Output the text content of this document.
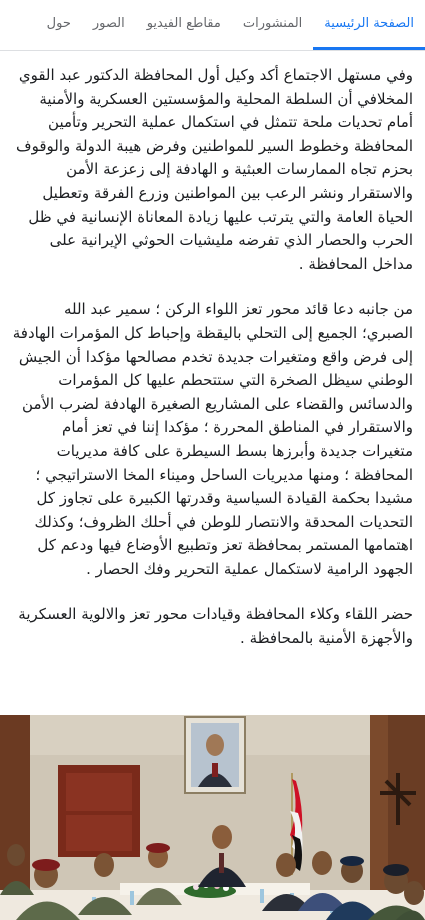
الصفحة الرئيسية
المنشورات
مقاطع الفيديو
الصور
حول

وفي مستهل الاجتماع أكد وكيل أول المحافظة الدكتور عبد القوي المخلافي أن السلطة المحلية والمؤسستين العسكرية والأمنية أمام تحديات ملحة تتمثل في استكمال عملية التحرير وتأمين المحافظة وخطوط السير للمواطنين وفرض هيبة الدولة والوقوف بحزم تجاه الممارسات العبثية و الهادفة إلى زعزعة الأمن والاستقرار ونشر الرعب بين المواطنين وزرع الفرقة وتعطيل الحياة العامة والتي يترتب عليها زيادة المعاناة الإنسانية في ظل الحرب والحصار الذي تفرضه مليشيات الحوثي الإيرانية على مداخل المحافظة .

من جانبه دعا قائد محور تعز اللواء الركن ؛ سمير عبد الله الصبري؛ الجميع إلى التحلي باليقظة وإحباط كل المؤمرات الهادفة إلى فرض واقع ومتغيرات جديدة تخدم مصالحها مؤكدا أن الجيش الوطني سيظل الصخرة التي ستتحطم عليها كل المؤمرات والدسائس والقضاء على المشاريع الصغيرة الهادفة لضرب الأمن والاستقرار في المناطق المحررة ؛ مؤكدا إننا في تعز أمام متغيرات جديدة وأبرزها بسط السيطرة على كافة مديريات المحافظة ؛ ومنها مديريات الساحل وميناء المخا الاستراتيجي ؛ مشيدا بحكمة القيادة السياسية وقدرتها الكبيرة على تجاوز كل التحديات المحدقة والانتصار للوطن في أحلك الظروف؛ وكذلك اهتمامها المستمر بمحافظة تعز وتطبيع الأوضاع فيها ودعم كل الجهود الرامية لاستكمال عملية التحرير وفك الحصار .

حضر اللقاء وكلاء المحافظة وقيادات محور تعز والالوية العسكرية والأجهزة الأمنية بالمحافظة .
